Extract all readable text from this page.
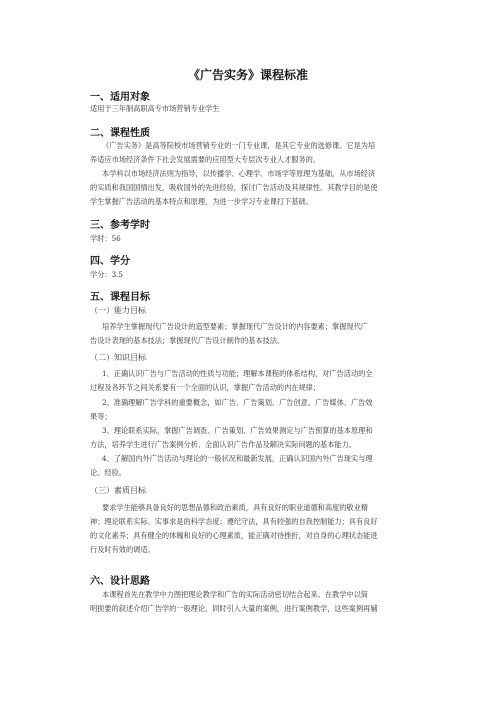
《广告实务》课程标准
一、适用对象
适用于三年制高职高专市场营销专业学生
二、课程性质
《广告实务》是高等院校市场营销专业的一门专业课，是其它专业的选修课。它是为培
养适应市场经济条件下社会发展需要的应用型大专层次专业人才服务的。
本学科以市场经济法则为指导，以传播学、心理学、市场学等原理为基础，从市场经济
的实质和我国国情出发，吸收国外的先进经验，探讨广告活动及其规律性。其教学目的是使
学生掌握广告活动的基本特点和原理，为进一步学习专业课打下基础。
三、参考学时
学时：56
四、学分
学分：3.5
五、课程目标
（一）能力目标
培养学生掌握现代广告设计的造型要素；掌握现代广告设计的内容要素；掌握现代广
告设计表现的基本技法；掌握现代广告设计制作的基本技法。
（二）知识目标
1、正确认识广告与广告活动的性质与功能；理解本课程的体系结构，对广告活动的全
过程及各环节之间关系要有一个全面的认识，掌握广告活动的内在规律；
2、准确理解广告学科的重要概念，如广告、广告策划、广告创意、广告媒体、广告效
果等；
3、理论联系实际，掌握广告调查、广告策划、广告效果测定与广告预算的基本原理和
方法，培养学生进行广告案例分析、全面认识广告作品及解决实际问题的基本能力。
4、了解国内外广告活动与理论的一般状况和最新发展，正确认识国内外广告现实与理
论、经验。
（三）素质目标
要求学生能够具备良好的思想品德和政治素质，具有良好的职业道德和高度的敬业精
神；理论联系实际、实事求是的科学态度；遵纪守法，具有较强的自我控制能力；具有良好
的文化素养；具有健全的体魄和良好的心理素质，能正确对待挫折，对自身的心理状态能进
行及时有效的调适。
六、设计思路
本课程首先在教学中力图把理论教学和广告的实际活动密切结合起来。在教学中以简
明扼要的叙述介绍广告学的一般理论，同时引入大量的案例，进行案例教学，这些案例再辅
